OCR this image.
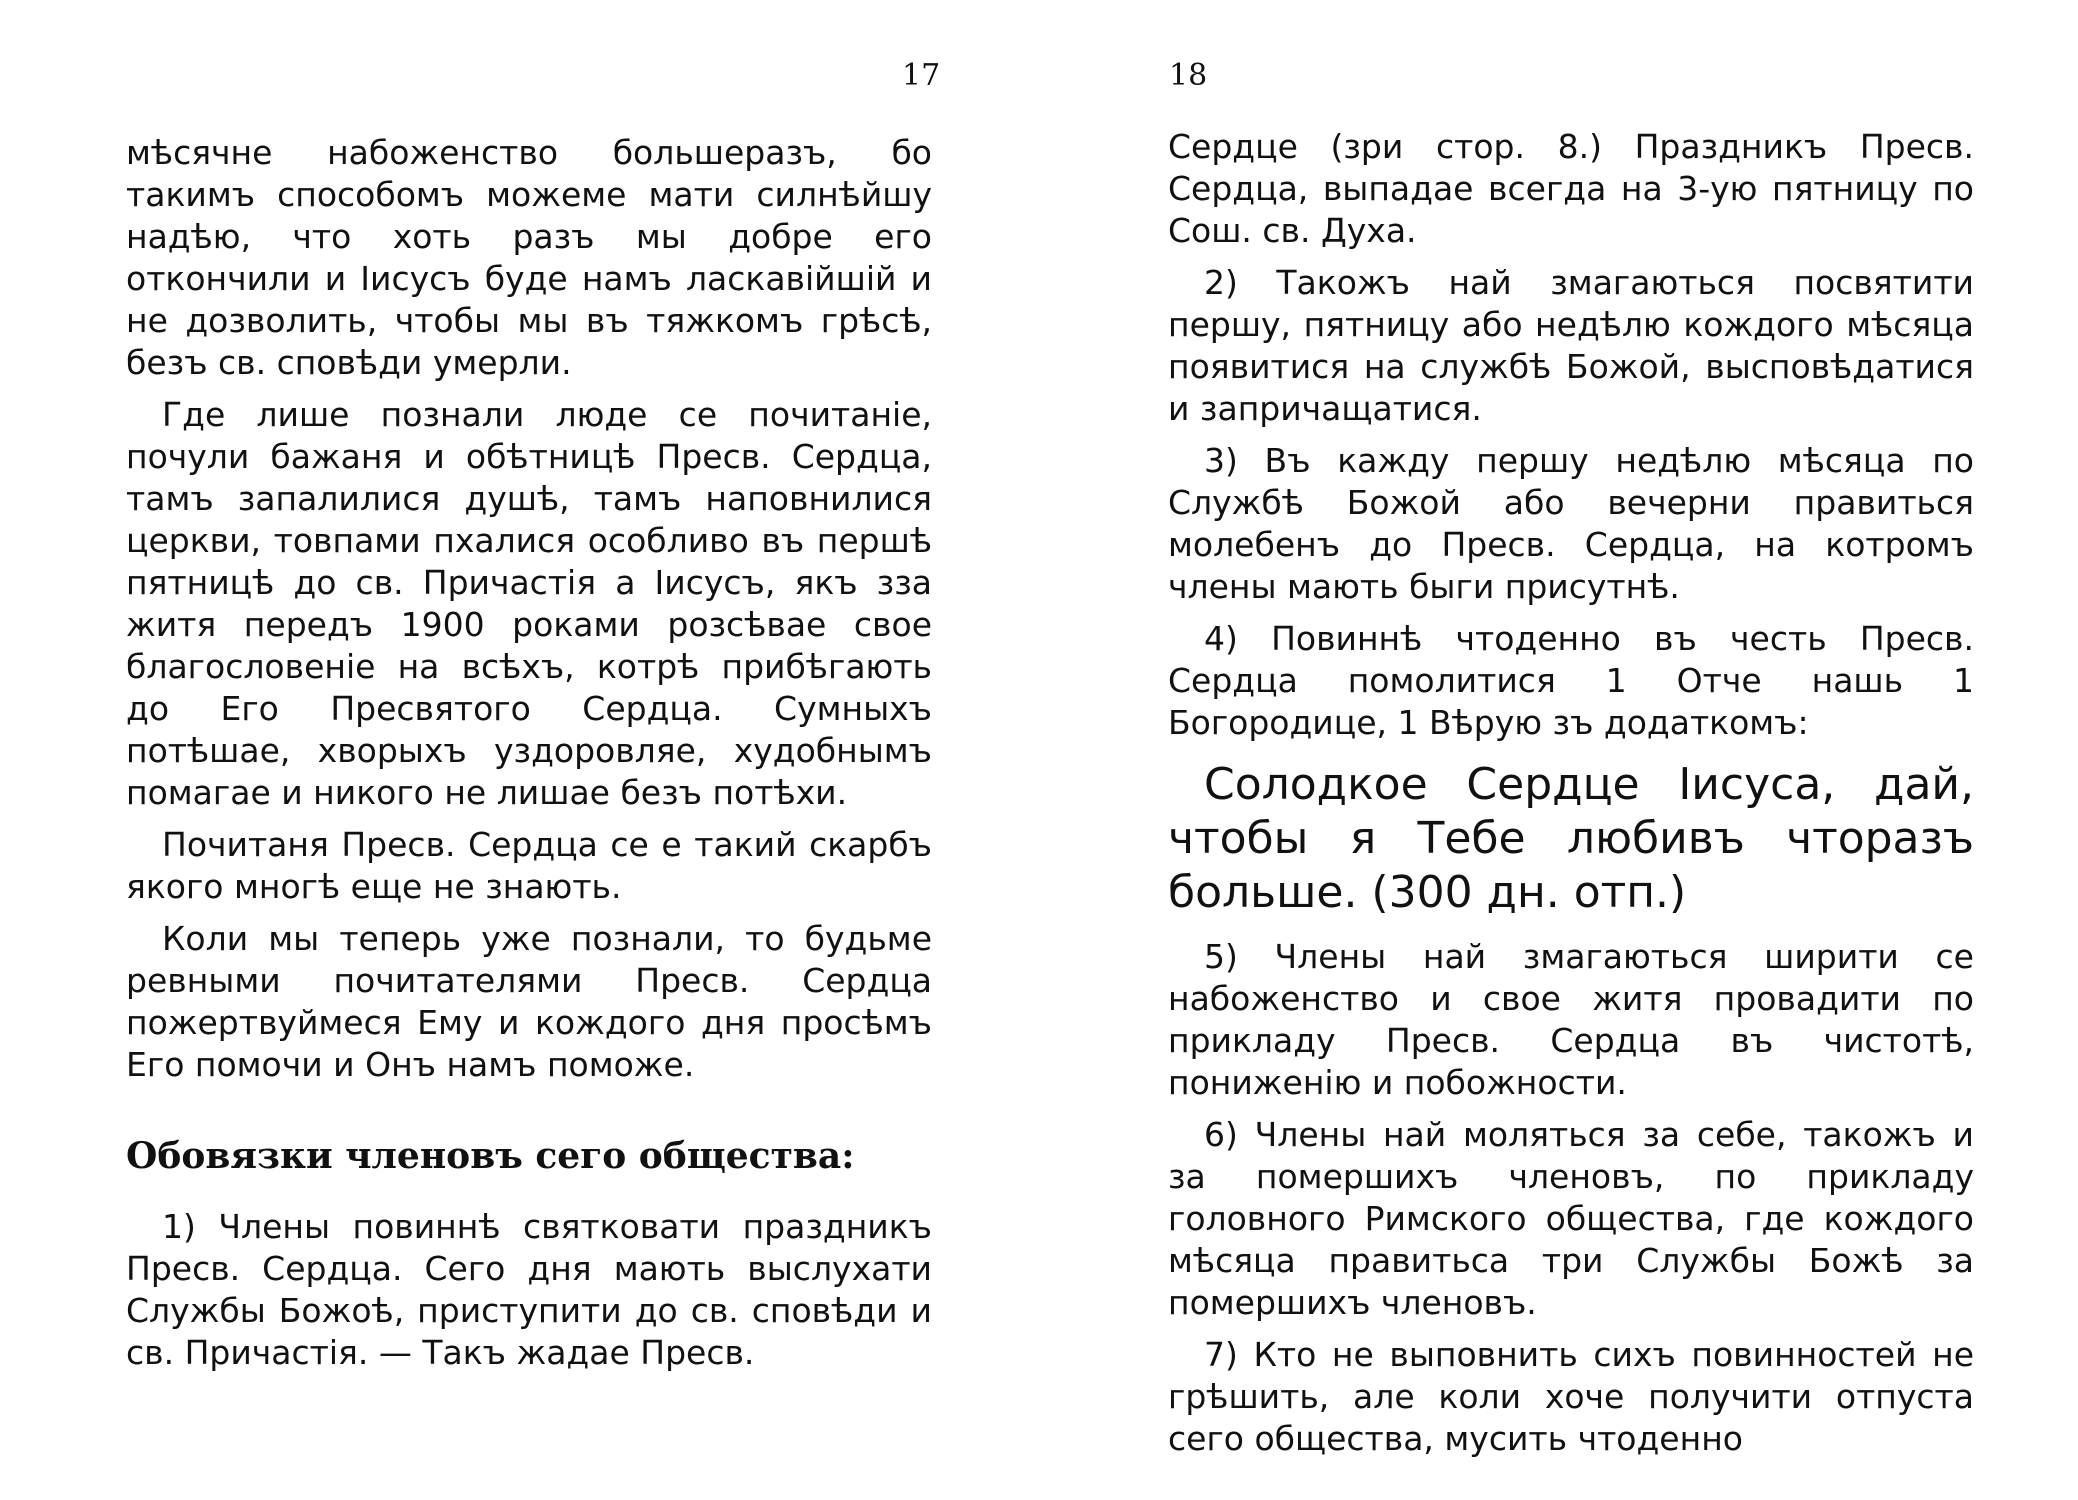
17

мѣсячне набоженство большеразъ, бо такимъ способомъ можеме мати силнѣйшу надѣю, что хоть разъ мы добре его откончили и Іисусъ буде намъ ласкавійшій и не дозволить, чтобы мы въ тяжкомъ грѣсѣ, безъ св. сповѣди умерли.

Где лише познали люде се почитаніе, почули бажаня и обѣтницѣ Пресв. Сердца, тамъ запалилися душѣ, тамъ наповнилися церкви, товпами пхалися особливо въ першѣ пятницѣ до св. Причастія а Іисусъ, якъ зза житя передъ 1900 роками розсѣвае свое благословеніе на всѣхъ, котрѣ прибѣгають до Его Пресвятого Сердца. Сумныхъ потѣшае, хворыхъ уздоровляе, худобнымъ помагае и никого не лишае безъ потѣхи.

Почитаня Пресв. Сердца се е такий скарбъ якого многѣ еще не знають.

Коли мы теперь уже познали, то будьме ревными почитателями Пресв. Сердца пожертвуймеся Ему и кождого дня просѣмъ Его помочи и Онъ намъ поможе.

Обовязки членовъ сего общества:

1) Члены повиннѣ святковати праздникъ Пресв. Сердца. Сего дня мають выслухати Службы Божоѣ, приступити до св. сповѣди и св. Причастія. — Такъ жадае Пресв.

18

Сердце (зри стор. 8.) Праздникъ Пресв. Сердца, выпадае всегда на 3-ую пятницу по Сош. св. Духа.

2) Такожъ най змагаються посвятити першу, пятницу або недѣлю кождого мѣсяца появитися на службѣ Божой, высповѣдатися и запричащатися.

3) Въ кажду першу недѣлю мѣсяца по Службѣ Божой або вечерни правиться молебенъ до Пресв. Сердца, на котромъ члены мають быги присутнѣ.

4) Повиннѣ чтоденно въ честь Пресв. Сердца помолитися 1 Отче нашь 1 Богородице, 1 Вѣрую зъ додаткомъ:

Солодкое Сердце Іисуса, дай, чтобы я Тебе любивъ чторазъ больше. (300 дн. отп.)

5) Члены най змагаються ширити се набоженство и свое житя провадити по прикладу Пресв. Сердца въ чистотѣ, пониженію и побожности.

6) Члены най моляться за себе, такожъ и за помершихъ членовъ, по прикладу головного Римского общества, где кождого мѣсяца правитьса три Службы Божѣ за помершихъ членовъ.

7) Кто не выповнить сихъ повинностей не грѣшить, але коли хоче получити отпуста сего общества, мусить чтоденно
